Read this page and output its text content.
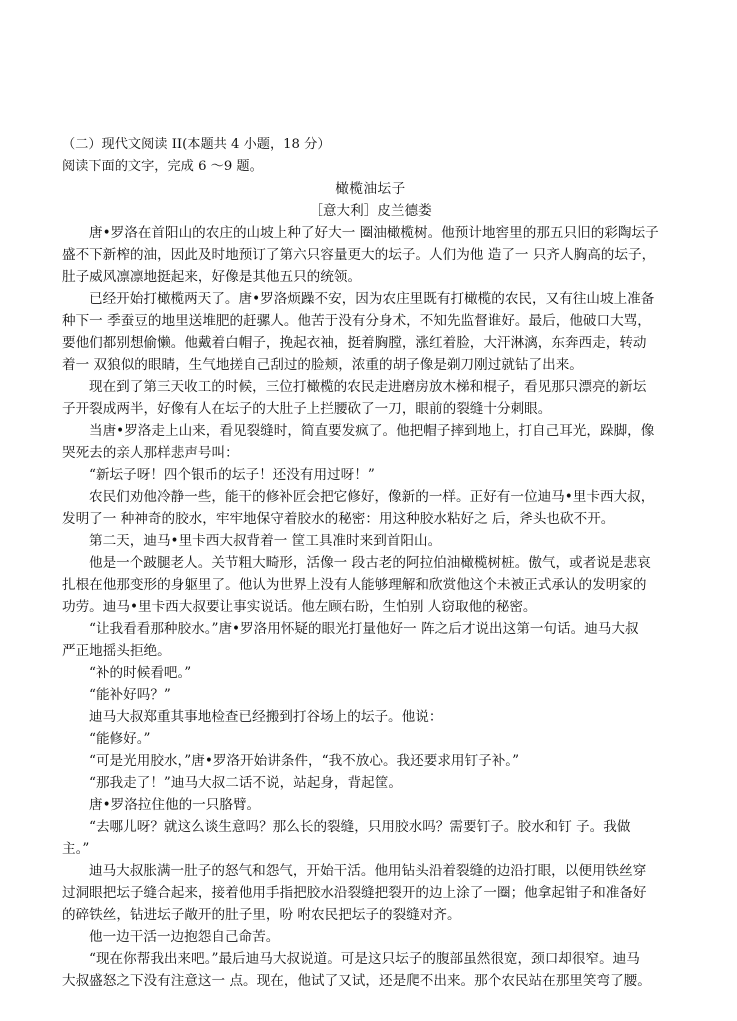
（二）现代文阅读 II(本题共 4 小题，18 分）

阅读下面的文字，完成 6 ～9 题。

橄榄油坛子

［意大利］皮兰德娄

唐•罗洛在首阳山的农庄的山坡上种了好大一 圈油橄榄树。他预计地窖里的那五只旧的彩陶坛子

盛不下新榨的油，因此及时地预订了第六只容量更大的坛子。人们为他 造了一 只齐人胸高的坛子，

肚子威风凛凛地挺起来，好像是其他五只的统领。

已经开始打橄榄两天了。唐•罗洛烦躁不安，因为农庄里既有打橄榄的农民，又有往山坡上准备

种下一 季蚕豆的地里送堆肥的赶骡人。他苦于没有分身术，不知先监督谁好。最后，他破口大骂，

要他们都别想偷懒。他戴着白帽子，挽起衣袖，挺着胸膛，涨红着脸，大汗淋漓，东奔西走，转动

着一 双狼似的眼睛，生气地搓自己刮过的脸颊，浓重的胡子像是剃刀刚过就钻了出来。

现在到了第三天收工的时候，三位打橄榄的农民走进磨房放木梯和棍子，看见那只漂亮的新坛

子开裂成两半，好像有人在坛子的大肚子上拦腰砍了一刀，眼前的裂缝十分刺眼。

当唐•罗洛走上山来，看见裂缝时，简直要发疯了。他把帽子摔到地上，打自己耳光，跺脚，像

哭死去的亲人那样悲声号叫：

“新坛子呀！四个银币的坛子！还没有用过呀！”

农民们劝他冷静一些，能干的修补匠会把它修好，像新的一样。正好有一位迪马•里卡西大叔，

发明了一 种神奇的胶水，牢牢地保守着胶水的秘密：用这种胶水粘好之 后，斧头也砍不开。

第二天，迪马•里卡西大叔背着一 筐工具准时来到首阳山。

他是一个跛腿老人。关节粗大畸形，活像一 段古老的阿拉伯油橄榄树桩。傲气，或者说是悲哀

扎根在他那变形的身躯里了。他认为世界上没有人能够理解和欣赏他这个未被正式承认的发明家的

功劳。迪马•里卡西大叔要让事实说话。他左顾右盼，生怕别 人窃取他的秘密。

“让我看看那种胶水。”唐•罗洛用怀疑的眼光打量他好一 阵之后才说出这第一句话。迪马大叔

严正地摇头拒绝。

“补的时候看吧。”

“能补好吗？”

迪马大叔郑重其事地检查已经搬到打谷场上的坛子。他说：

“能修好。”

“可是光用胶水，”唐•罗洛开始讲条件，“我不放心。我还要求用钉子补。”

“那我走了！”迪马大叔二话不说，站起身，背起筐。

唐•罗洛拉住他的一只胳臂。

“去哪儿呀？就这么谈生意吗？那么长的裂缝，只用胶水吗？需要钉子。胶水和钉 子。我做

主。”

迪马大叔胀满一肚子的怒气和怨气，开始干活。他用钻头沿着裂缝的边沿打眼，以便用铁丝穿

过洞眼把坛子缝合起来，接着他用手指把胶水沿裂缝把裂开的边上涂了一圈；他拿起钳子和准备好

的碎铁丝，钻进坛子敞开的肚子里，吩 咐农民把坛子的裂缝对齐。

他一边干活一边抱怨自己命苦。

“现在你帮我出来吧。”最后迪马大叔说道。可是这只坛子的腹部虽然很宽，颈口却很窄。迪马

大叔盛怒之下没有注意这一 点。现在，他试了又试，还是爬不出来。那个农民站在那里笑弯了腰。
